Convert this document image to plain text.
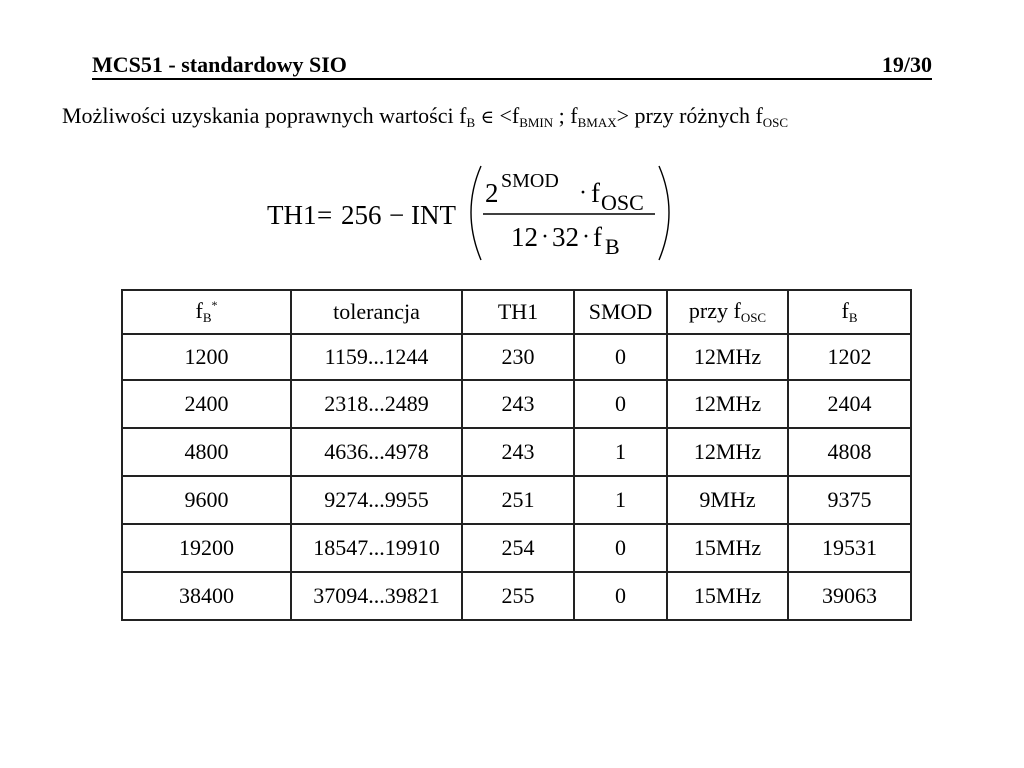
MCS51 - standardowy SIO	19/30
Możliwości uzyskania poprawnych wartości $f_B$ ∈ $<f_{BMIN}$ ; $f_{BMAX}>$ przy różnych $f_{OSC}$
TH1 = 256 − INT
2 SMOD · f OSC
12 · 32 · f B
$f_B^*$	tolerancja	TH1	SMOD	przy $f_{OSC}$	$f_B$
1200	1159...1244	230	0	12MHz	1202
2400	2318...2489	243	0	12MHz	2404
4800	4636...4978	243	1	12MHz	4808
9600	9274...9955	251	1	9MHz	9375
19200	18547...19910	254	0	15MHz	19531
38400	37094...39821	255	0	15MHz	39063
